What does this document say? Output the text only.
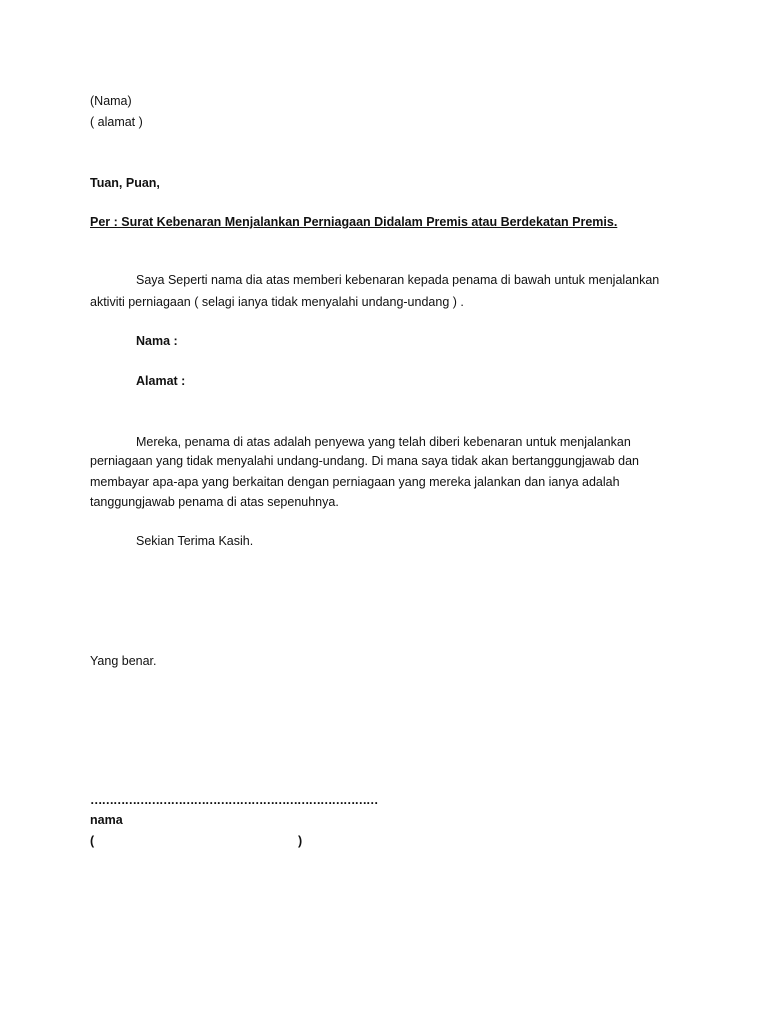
(Nama)
( alamat )
Tuan, Puan,
Per : Surat Kebenaran Menjalankan Perniagaan Didalam Premis atau Berdekatan Premis.
Saya Seperti nama dia atas memberi kebenaran kepada penama di bawah untuk menjalankan
aktiviti perniagaan ( selagi ianya tidak menyalahi undang-undang ) .
Nama :
Alamat :
Mereka, penama di atas adalah penyewa yang telah diberi kebenaran untuk menjalankan
perniagaan yang tidak menyalahi undang-undang. Di mana saya tidak akan bertanggungjawab dan
membayar apa-apa yang berkaitan dengan perniagaan yang mereka jalankan dan ianya adalah
tanggungjawab penama di atas sepenuhnya.
Sekian Terima Kasih.
Yang benar.
…………………………………………………………………
nama
(	)
